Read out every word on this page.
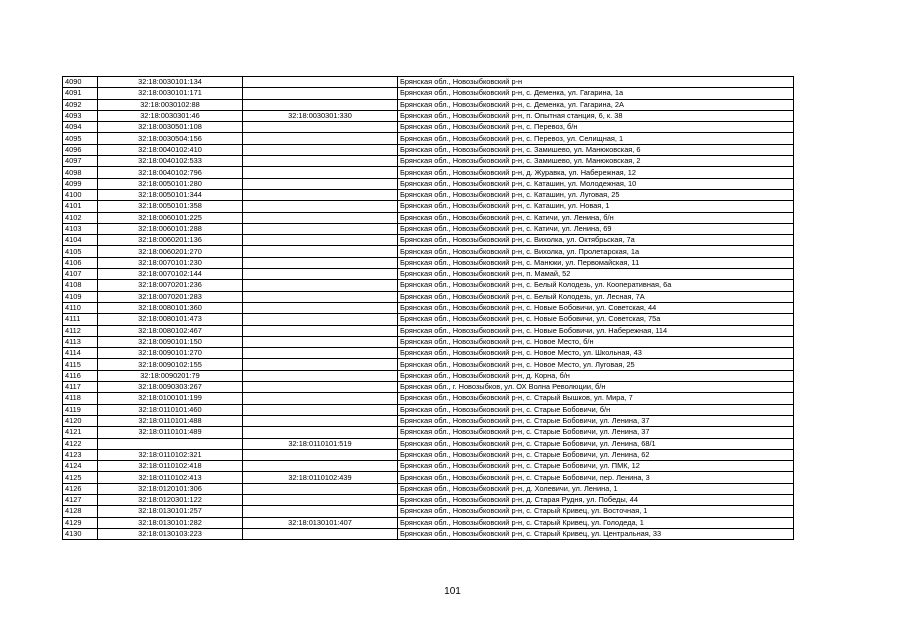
4090	32:18:0030101:134		Брянская обл., Новозыбковский р-н
4091	32:18:0030101:171		Брянская обл., Новозыбковский р-н, с. Деменка, ул. Гагарина, 1а
4092	32:18:0030102:88		Брянская обл., Новозыбковский р-н, с. Деменка, ул. Гагарина, 2А
4093	32:18:0030301:46	32:18:0030301:330	Брянская обл., Новозыбковский р-н, п. Опытная станция, 6, к. 38
4094	32:18:0030501:108		Брянская обл., Новозыбковский р-н, с. Перевоз, б/н
4095	32:18:0030504:156		Брянская обл., Новозыбковский р-н, с. Перевоз, ул. Селищная, 1
4096	32:18:0040102:410		Брянская обл., Новозыбковский р-н, с. Замишево, ул. Манюковская, 6
4097	32:18:0040102:533		Брянская обл., Новозыбковский р-н, с. Замишево, ул. Манюковская, 2
4098	32:18:0040102:796		Брянская обл., Новозыбковский р-н, д. Журавка, ул. Набережная, 12
4099	32:18:0050101:280		Брянская обл., Новозыбковский р-н, с. Каташин, ул. Молодежная, 10
4100	32:18:0050101:344		Брянская обл., Новозыбковский р-н, с. Каташин, ул. Луговая, 25
4101	32:18:0050101:358		Брянская обл., Новозыбковский р-н, с. Каташин, ул. Новая, 1
4102	32:18:0060101:225		Брянская обл., Новозыбковский р-н, с. Катичи, ул. Ленина, б/н
4103	32:18:0060101:288		Брянская обл., Новозыбковский р-н, с. Катичи, ул. Ленина, 69
4104	32:18:0060201:136		Брянская обл., Новозыбковский р-н, с. Вихолка, ул. Октябрьская, 7а
4105	32:18:0060201:270		Брянская обл., Новозыбковский р-н, с. Вихолка, ул. Пролетарская, 1а
4106	32:18:0070101:230		Брянская обл., Новозыбковский р-н, с. Манюки, ул. Первомайская, 11
4107	32:18:0070102:144		Брянская обл., Новозыбковский р-н, п. Мамай, 52
4108	32:18:0070201:236		Брянская обл., Новозыбковский р-н, с. Белый Колодезь, ул. Кооперативная, 6а
4109	32:18:0070201:283		Брянская обл., Новозыбковский р-н, с. Белый Колодезь, ул. Лесная, 7А
4110	32:18:0080101:360		Брянская обл., Новозыбковский р-н, с. Новые Бобовичи, ул. Советская, 44
4111	32:18:0080101:473		Брянская обл., Новозыбковский р-н, с. Новые Бобовичи, ул. Советская, 75а
4112	32:18:0080102:467		Брянская обл., Новозыбковский р-н, с. Новые Бобовичи, ул. Набережная, 114
4113	32:18:0090101:150		Брянская обл., Новозыбковский р-н, с. Новое Место, б/н
4114	32:18:0090101:270		Брянская обл., Новозыбковский р-н, с. Новое Место, ул. Школьная, 43
4115	32:18:0090102:155		Брянская обл., Новозыбковский р-н, с. Новое Место, ул. Луговая, 25
4116	32:18:0090201:79		Брянская обл., Новозыбковский р-н, д. Корна, б/н
4117	32:18:0090303:267		Брянская обл., г. Новозыбков, ул. ОХ Волна Революции, б/н
4118	32:18:0100101:199		Брянская обл., Новозыбковский р-н, с. Старый Вышков, ул. Мира, 7
4119	32:18:0110101:460		Брянская обл., Новозыбковский р-н, с. Старые Бобовичи, б/н
4120	32:18:0110101:488		Брянская обл., Новозыбковский р-н, с. Старые Бобовичи, ул. Ленина, 37
4121	32:18:0110101:489		Брянская обл., Новозыбковский р-н, с. Старые Бобовичи, ул. Ленина, 37
4122		32:18:0110101:519	Брянская обл., Новозыбковский р-н, с. Старые Бобовичи, ул. Ленина, 68/1
4123	32:18:0110102:321		Брянская обл., Новозыбковский р-н, с. Старые Бобовичи, ул. Ленина, 62
4124	32:18:0110102:418		Брянская обл., Новозыбковский р-н, с. Старые Бобовичи, ул. ПМК, 12
4125	32:18:0110102:413	32:18:0110102:439	Брянская обл., Новозыбковский р-н, с. Старые Бобовичи, пер. Ленина, 3
4126	32:18:0120101:306		Брянская обл., Новозыбковский р-н, д. Холевичи, ул. Ленина, 1
4127	32:18:0120301:122		Брянская обл., Новозыбковский р-н, д. Старая Рудня, ул. Победы, 44
4128	32:18:0130101:257		Брянская обл., Новозыбковский р-н, с. Старый Кривец, ул. Восточная, 1
4129	32:18:0130101:282	32:18:0130101:407	Брянская обл., Новозыбковский р-н, с. Старый Кривец, ул. Голодеда, 1
4130	32:18:0130103:223		Брянская обл., Новозыбковский р-н, с. Старый Кривец, ул. Центральная, 33
101
